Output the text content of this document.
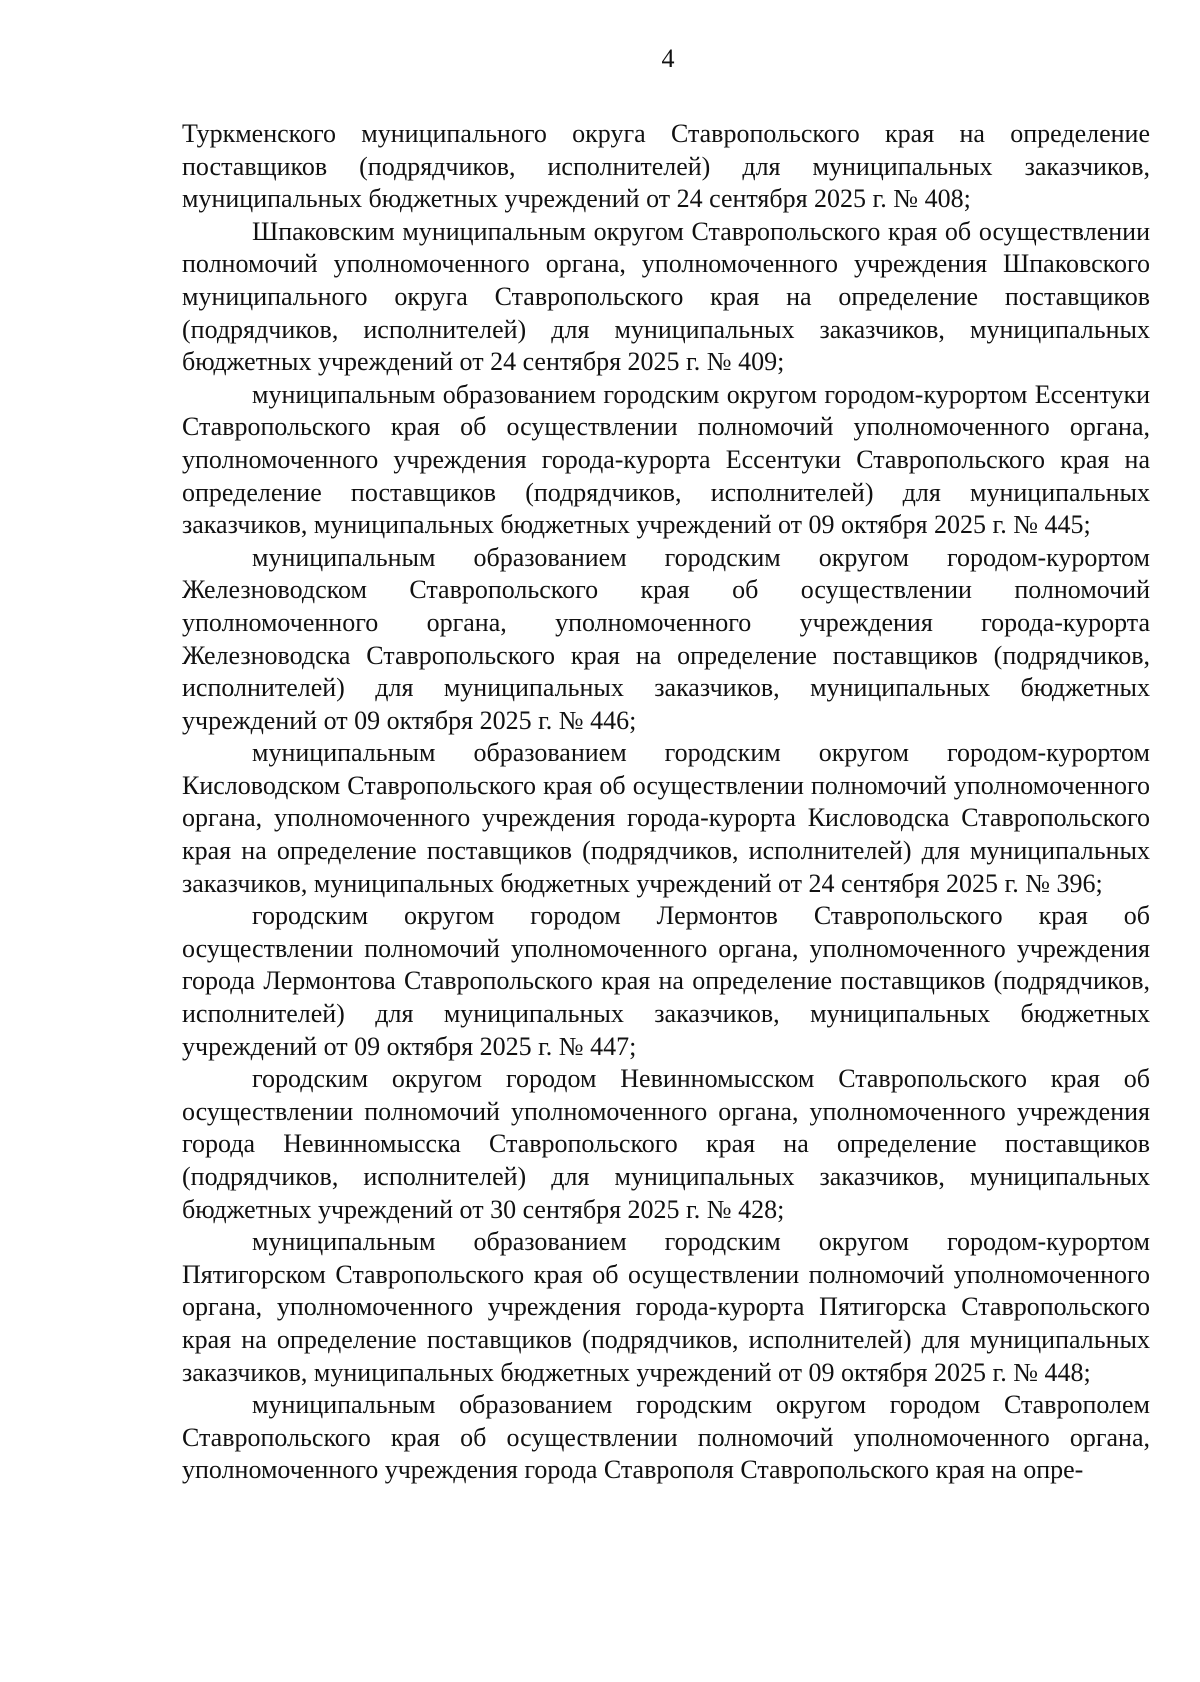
4

Туркменского муниципального округа Ставропольского края на определение поставщиков (подрядчиков, исполнителей) для муниципальных заказчиков, муниципальных бюджетных учреждений от 24 сентября 2025 г. № 408;

Шпаковским муниципальным округом Ставропольского края об осуществлении полномочий уполномоченного органа, уполномоченного учреждения Шпаковского муниципального округа Ставропольского края на определение поставщиков (подрядчиков, исполнителей) для муниципальных заказчиков, муниципальных бюджетных учреждений от 24 сентября 2025 г. № 409;

муниципальным образованием городским округом городом-курортом Ессентуки Ставропольского края об осуществлении полномочий уполномоченного органа, уполномоченного учреждения города-курорта Ессентуки Ставропольского края на определение поставщиков (подрядчиков, исполнителей) для муниципальных заказчиков, муниципальных бюджетных учреждений от 09 октября 2025 г. № 445;

муниципальным образованием городским округом городом-курортом Железноводском Ставропольского края об осуществлении полномочий уполномоченного органа, уполномоченного учреждения города-курорта Железноводска Ставропольского края на определение поставщиков (подрядчиков, исполнителей) для муниципальных заказчиков, муниципальных бюджетных учреждений от 09 октября 2025 г. № 446;

муниципальным образованием городским округом городом-курортом Кисловодском Ставропольского края об осуществлении полномочий уполномоченного органа, уполномоченного учреждения города-курорта Кисловодска Ставропольского края на определение поставщиков (подрядчиков, исполнителей) для муниципальных заказчиков, муниципальных бюджетных учреждений от 24 сентября 2025 г. № 396;

городским округом городом Лермонтов Ставропольского края об осуществлении полномочий уполномоченного органа, уполномоченного учреждения города Лермонтова Ставропольского края на определение поставщиков (подрядчиков, исполнителей) для муниципальных заказчиков, муниципальных бюджетных учреждений от 09 октября 2025 г. № 447;

городским округом городом Невинномысском Ставропольского края об осуществлении полномочий уполномоченного органа, уполномоченного учреждения города Невинномысска Ставропольского края на определение поставщиков (подрядчиков, исполнителей) для муниципальных заказчиков, муниципальных бюджетных учреждений от 30 сентября 2025 г. № 428;

муниципальным образованием городским округом городом-курортом Пятигорском Ставропольского края об осуществлении полномочий уполномоченного органа, уполномоченного учреждения города-курорта Пятигорска Ставропольского края на определение поставщиков (подрядчиков, исполнителей) для муниципальных заказчиков, муниципальных бюджетных учреждений от 09 октября 2025 г. № 448;

муниципальным образованием городским округом городом Ставрополем Ставропольского края об осуществлении полномочий уполномоченного органа, уполномоченного учреждения города Ставрополя Ставропольского края на опре-
